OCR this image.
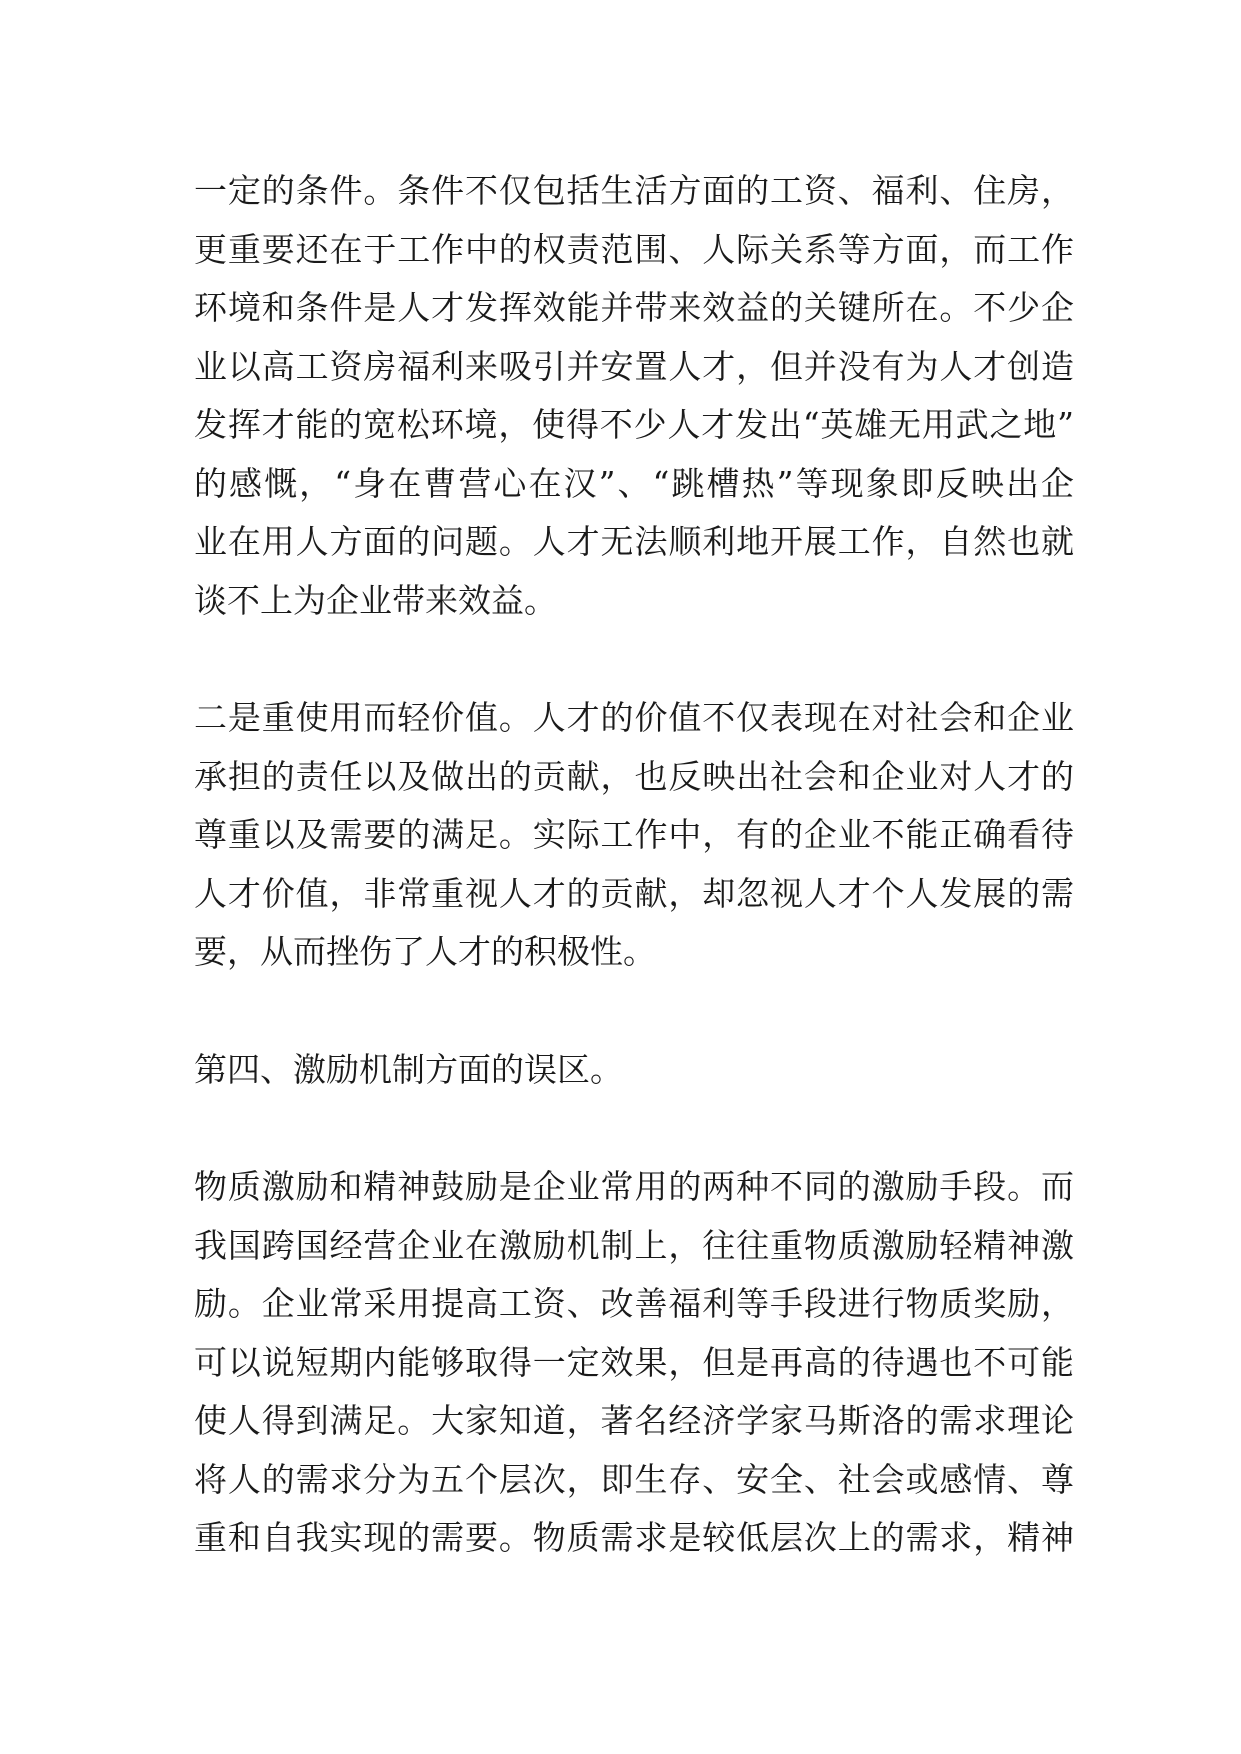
一定的条件。条件不仅包括生活方面的工资、福利、住房，
更重要还在于工作中的权责范围、人际关系等方面，而工作
环境和条件是人才发挥效能并带来效益的关键所在。不少企
业以高工资房福利来吸引并安置人才，但并没有为人才创造
发挥才能的宽松环境，使得不少人才发出“英雄无用武之地”
的感慨，“身在曹营心在汉”、“跳槽热”等现象即反映出企
业在用人方面的问题。人才无法顺利地开展工作，自然也就
谈不上为企业带来效益。
二是重使用而轻价值。人才的价值不仅表现在对社会和企业
承担的责任以及做出的贡献，也反映出社会和企业对人才的
尊重以及需要的满足。实际工作中，有的企业不能正确看待
人才价值，非常重视人才的贡献，却忽视人才个人发展的需
要，从而挫伤了人才的积极性。
第四、激励机制方面的误区。
物质激励和精神鼓励是企业常用的两种不同的激励手段。而
我国跨国经营企业在激励机制上，往往重物质激励轻精神激
励。企业常采用提高工资、改善福利等手段进行物质奖励，
可以说短期内能够取得一定效果，但是再高的待遇也不可能
使人得到满足。大家知道，著名经济学家马斯洛的需求理论
将人的需求分为五个层次，即生存、安全、社会或感情、尊
重和自我实现的需要。物质需求是较低层次上的需求，精神
